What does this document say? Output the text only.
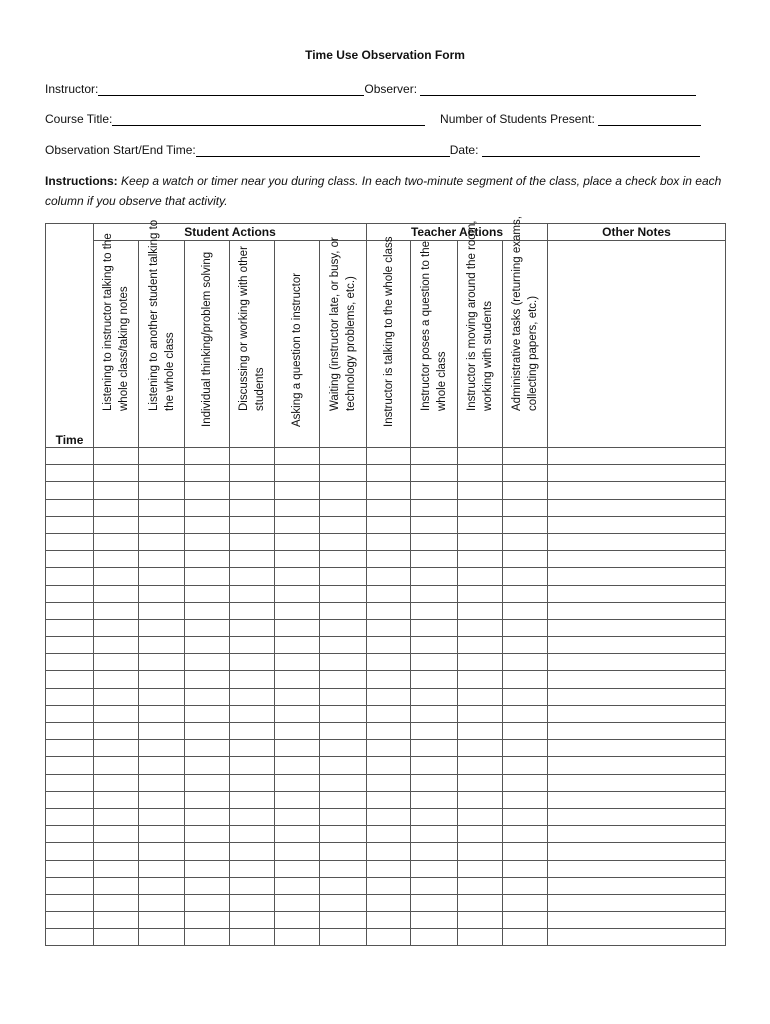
Time Use Observation Form
Instructor:	Observer:
Course Title:	Number of Students Present:
Observation Start/End Time:	Date:
Instructions: Keep a watch or timer near you during class. In each two-minute segment of the class, place a check box in each column if you observe that activity.
Time	Student Actions						Teacher Actions				Other Notes

	Listening to instructor talking to the whole class/taking notes	Listening to another student talking to the whole class	Individual thinking/problem solving	Discussing or working with other students	Asking a question to instructor	Waiting (instructor late, or busy, or technology problems, etc.)	Instructor is talking to the whole class	Instructor poses a question to the whole class	Instructor is moving around the room, working with students	Administrative tasks (returning exams, collecting papers, etc.)	
